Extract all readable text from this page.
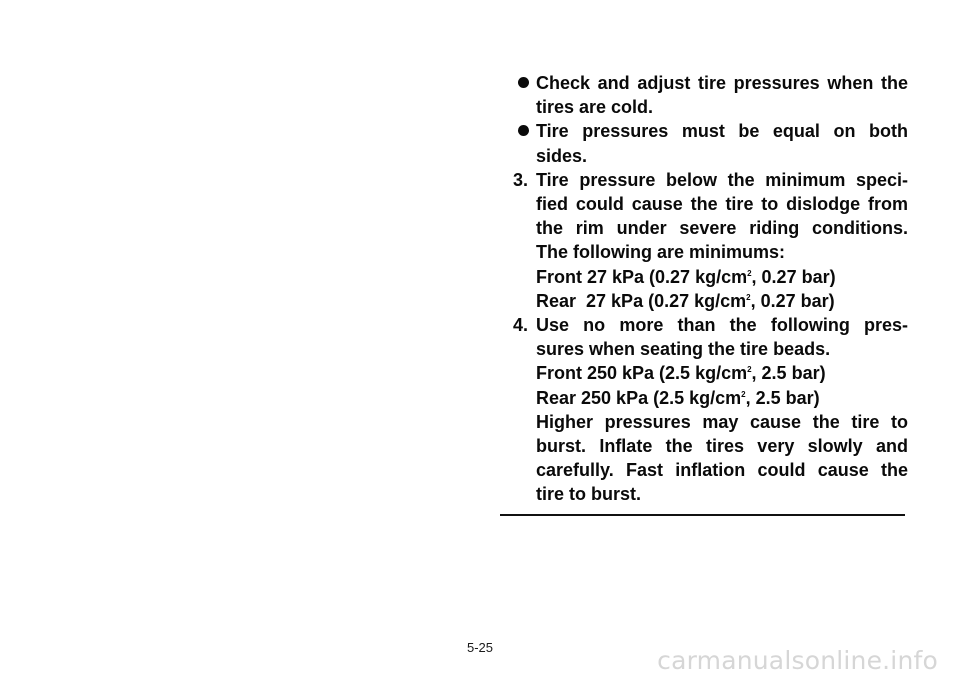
Check and adjust tire pressures when the
tires are cold.
Tire pressures must be equal on both
sides.
3. Tire pressure below the minimum speci-
fied could cause the tire to dislodge from
the rim under severe riding conditions.
The following are minimums:
Front 27 kPa (0.27 $kg/cm^2$, 0.27 bar)
Rear  27 kPa (0.27 $kg/cm^2$, 0.27 bar)
4. Use no more than the following pres-
sures when seating the tire beads.
Front 250 kPa (2.5 $kg/cm^2$, 2.5 bar)
Rear 250 kPa (2.5 $kg/cm^2$, 2.5 bar)
Higher pressures may cause the tire to
burst. Inflate the tires very slowly and
carefully. Fast inflation could cause the
tire to burst.
5-25	carmanualsonline.info
